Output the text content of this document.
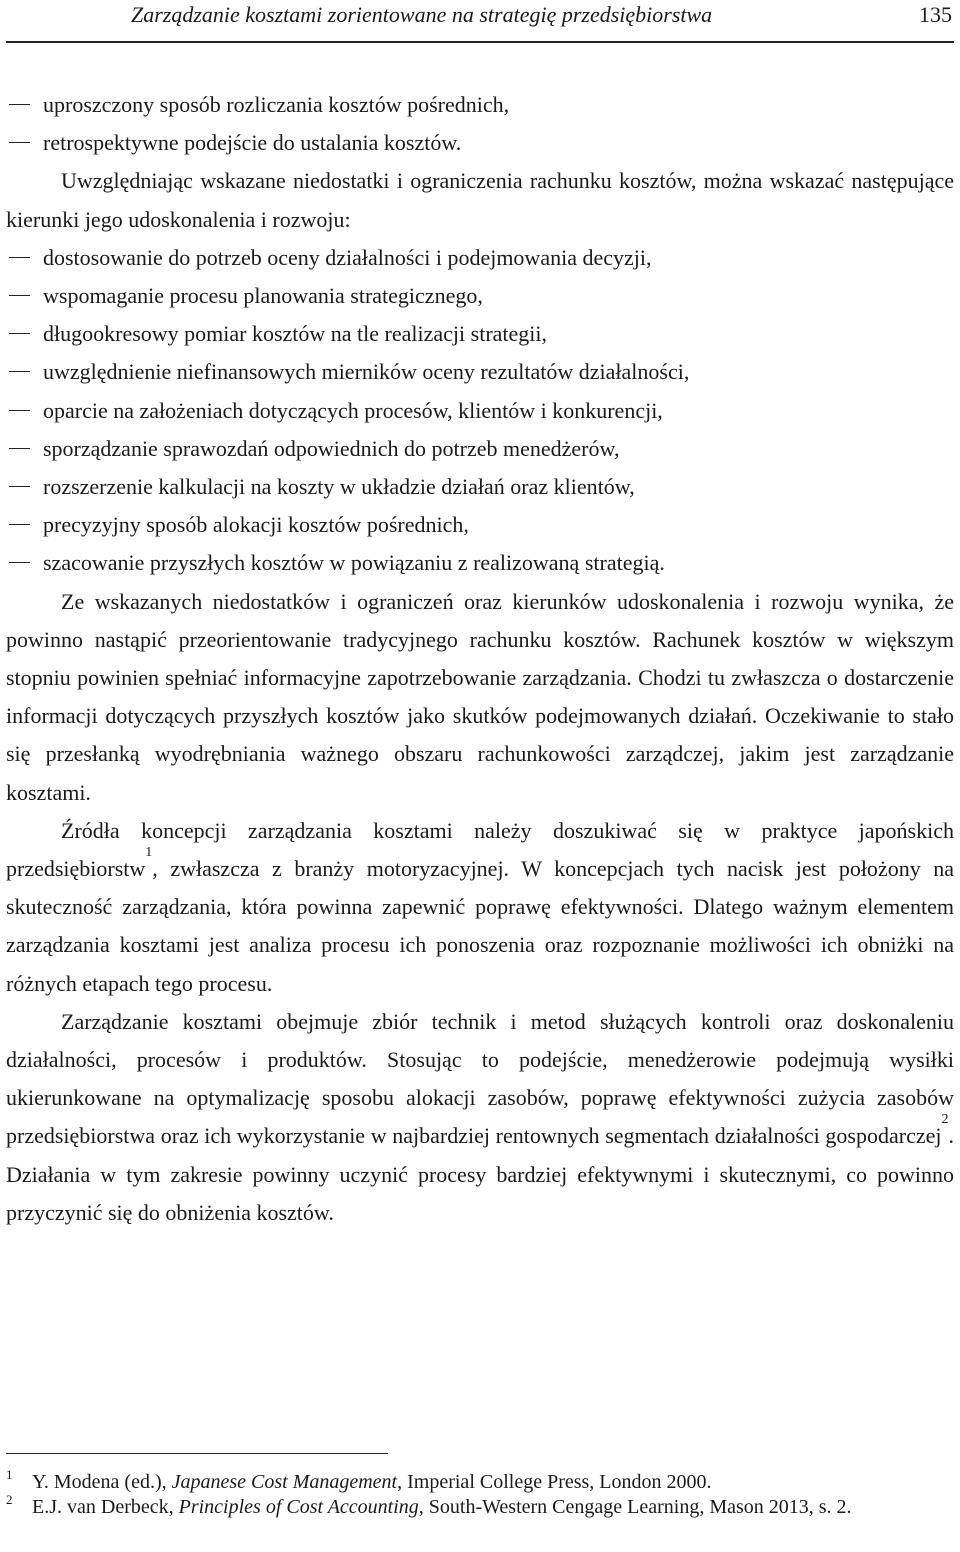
Zarządzanie kosztami zorientowane na strategię przedsiębiorstwa	135
uproszczony sposób rozliczania kosztów pośrednich,
retrospektywne podejście do ustalania kosztów.

Uwzględniając wskazane niedostatki i ograniczenia rachunku kosztów, można wskazać następujące kierunki jego udoskonalenia i rozwoju:

dostosowanie do potrzeb oceny działalności i podejmowania decyzji,
wspomaganie procesu planowania strategicznego,
długookresowy pomiar kosztów na tle realizacji strategii,
uwzględnienie niefinansowych mierników oceny rezultatów działalności,
oparcie na założeniach dotyczących procesów, klientów i konkurencji,
sporządzanie sprawozdań odpowiednich do potrzeb menedżerów,
rozszerzenie kalkulacji na koszty w układzie działań oraz klientów,
precyzyjny sposób alokacji kosztów pośrednich,
szacowanie przyszłych kosztów w powiązaniu z realizowaną strategią.

Ze wskazanych niedostatków i ograniczeń oraz kierunków udoskonalenia i rozwoju wynika, że powinno nastąpić przeorientowanie tradycyjnego rachunku kosztów. Rachunek kosztów w większym stopniu powinien spełniać informacyjne zapotrzebowanie zarządzania. Chodzi tu zwłaszcza o dostarczenie informacji dotyczących przyszłych kosztów jako skutków podejmowanych działań. Oczekiwanie to stało się przesłanką wyodrębniania ważnego obszaru rachunkowości zarządczej, jakim jest zarządzanie kosztami.

Źródła koncepcji zarządzania kosztami należy doszukiwać się w praktyce japońskich przedsiębiorstw$^1$, zwłaszcza z branży motoryzacyjnej. W koncepcjach tych nacisk jest położony na skuteczność zarządzania, która powinna zapewnić poprawę efektywności. Dlatego ważnym elementem zarządzania kosztami jest analiza procesu ich ponoszenia oraz rozpoznanie możliwości ich obniżki na różnych etapach tego procesu.

Zarządzanie kosztami obejmuje zbiór technik i metod służących kontroli oraz doskonaleniu działalności, procesów i produktów. Stosując to podejście, menedżerowie podejmują wysiłki ukierunkowane na optymalizację sposobu alokacji zasobów, poprawę efektywności zużycia zasobów przedsiębiorstwa oraz ich wykorzystanie w najbardziej rentownych segmentach działalności gospodarczej$^2$. Działania w tym zakresie powinny uczynić procesy bardziej efektywnymi i skutecznymi, co powinno przyczynić się do obniżenia kosztów.

1 Y. Modena (ed.), Japanese Cost Management, Imperial College Press, London 2000.
2 E.J. van Derbeck, Principles of Cost Accounting, South-Western Cengage Learning, Mason 2013, s. 2.
